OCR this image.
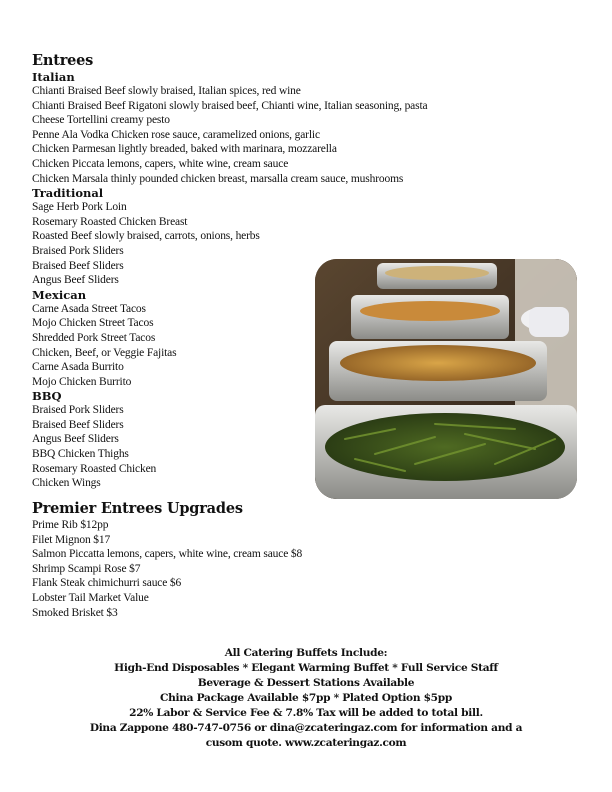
Entrees
Italian
Chianti Braised Beef slowly braised, Italian spices, red wine
Chianti Braised Beef Rigatoni slowly braised beef, Chianti wine, Italian seasoning, pasta
Cheese Tortellini creamy pesto
Penne Ala Vodka Chicken rose sauce, caramelized onions, garlic
Chicken Parmesan lightly breaded, baked with marinara, mozzarella
Chicken Piccata lemons, capers, white wine, cream sauce
Chicken Marsala thinly pounded chicken breast, marsalla cream sauce, mushrooms
Traditional
Sage Herb Pork Loin
Rosemary Roasted Chicken Breast
Roasted Beef slowly braised, carrots, onions, herbs
Braised Pork Sliders
Braised Beef Sliders
Angus Beef Sliders
Mexican
Carne Asada Street Tacos
Mojo Chicken Street Tacos
Shredded Pork Street Tacos
Chicken, Beef, or Veggie Fajitas
Carne Asada Burrito
Mojo Chicken Burrito
BBQ
Braised Pork Sliders
Braised Beef Sliders
Angus Beef Sliders
BBQ Chicken Thighs
Rosemary Roasted Chicken
Chicken Wings
Premier Entrees Upgrades
Prime Rib $12pp
Filet Mignon $17
Salmon Piccatta lemons, capers, white wine, cream sauce $8
Shrimp Scampi Rose $7
Flank Steak chimichurri sauce $6
Lobster Tail Market Value
Smoked Brisket $3
All Catering Buffets Include:
High-End Disposables * Elegant Warming Buffet * Full Service Staff
Beverage & Dessert Stations Available
China Package Available $7pp * Plated Option $5pp
22% Labor & Service Fee & 7.8% Tax will be added to total bill.
Dina Zappone 480-747-0756 or dina@zcateringaz.com for information and a
cusom quote. www.zcateringaz.com
